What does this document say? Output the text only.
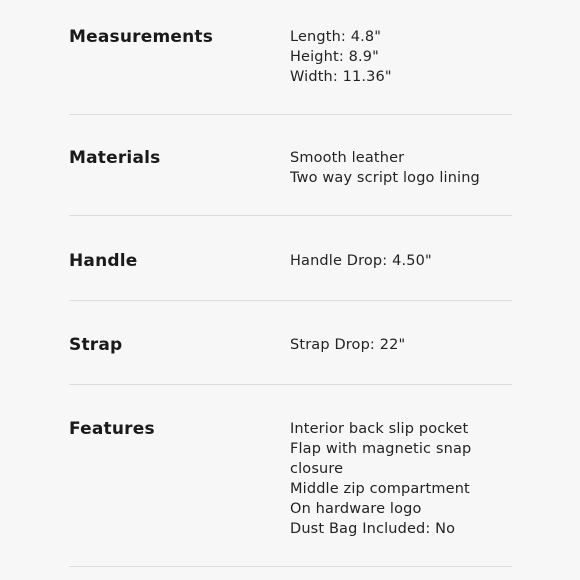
Measurements	Length: 4.8"
Height: 8.9"
Width: 11.36"
Materials	Smooth leather
Two way script logo lining
Handle	Handle Drop: 4.50"
Strap	Strap Drop: 22"
Features	Interior back slip pocket
Flap with magnetic snap
closure
Middle zip compartment
On hardware logo
Dust Bag Included: No
